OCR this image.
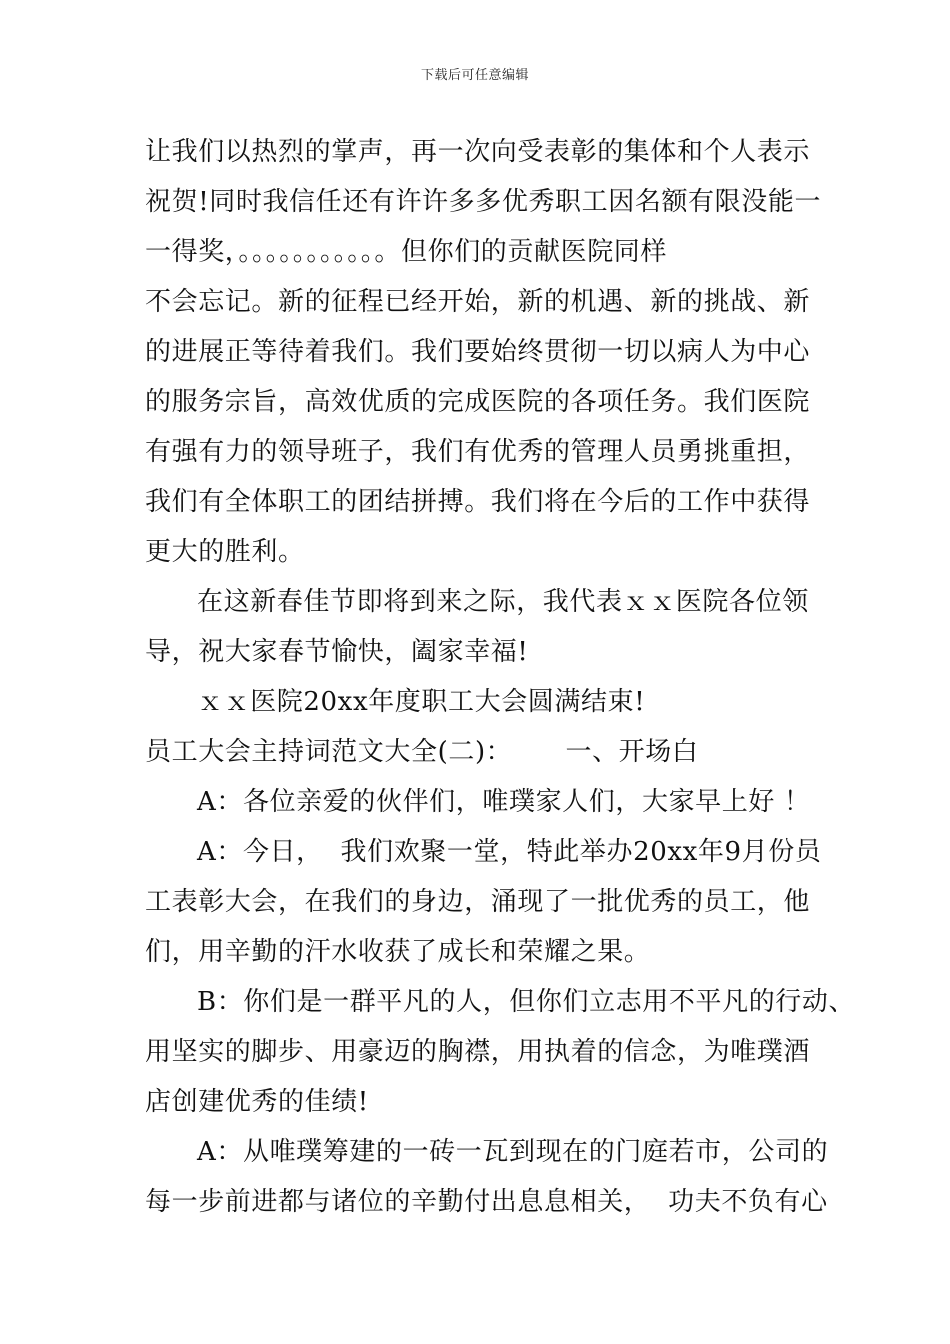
下载后可任意编辑
让我们以热烈的掌声，再一次向受表彰的集体和个人表示
祝贺!同时我信任还有许许多多优秀职工因名额有限没能一
一得奖，。。。。。。。。。。。但你们的贡献医院同样
不会忘记。新的征程已经开始，新的机遇、新的挑战、新
的进展正等待着我们。我们要始终贯彻一切以病人为中心
的服务宗旨，高效优质的完成医院的各项任务。我们医院
有强有力的领导班子，我们有优秀的管理人员勇挑重担，
我们有全体职工的团结拼搏。我们将在今后的工作中获得
更大的胜利。
在这新春佳节即将到来之际，我代表ｘｘ医院各位领
导，祝大家春节愉快，阖家幸福!
ｘｘ医院20xx年度职工大会圆满结束!
员工大会主持词范文大全(二)：      一、开场白
A：各位亲爱的伙伴们，唯璞家人们，大家早上好 ！
A：今日，  我们欢聚一堂，特此举办20xx年9月份员
工表彰大会，在我们的身边，涌现了一批优秀的员工，他
们，用辛勤的汗水收获了成长和荣耀之果。
B：你们是一群平凡的人，但你们立志用不平凡的行动、
用坚实的脚步、用豪迈的胸襟，用执着的信念，为唯璞酒
店创建优秀的佳绩!
A：从唯璞筹建的一砖一瓦到现在的门庭若市，公司的
每一步前进都与诸位的辛勤付出息息相关，  功夫不负有心
